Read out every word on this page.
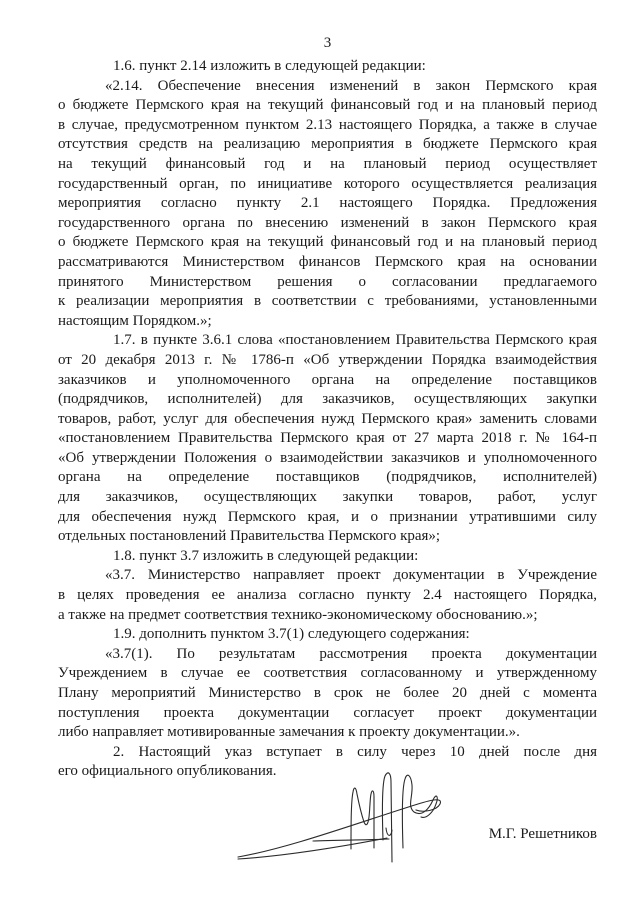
3
1.6. пункт 2.14 изложить в следующей редакции:
«2.14. Обеспечение внесения изменений в закон Пермского края
о бюджете Пермского края на текущий финансовый год и на плановый период
в случае, предусмотренном пунктом 2.13 настоящего Порядка, а также в случае
отсутствия средств на реализацию мероприятия в бюджете Пермского края
на текущий финансовый год и на плановый период осуществляет
государственный орган, по инициативе которого осуществляется реализация
мероприятия согласно пункту 2.1 настоящего Порядка. Предложения
государственного органа по внесению изменений в закон Пермского края
о бюджете Пермского края на текущий финансовый год и на плановый период
рассматриваются Министерством финансов Пермского края на основании
принятого Министерством решения о согласовании предлагаемого
к реализации мероприятия в соответствии с требованиями, установленными
настоящим Порядком.»;
1.7. в пункте 3.6.1 слова «постановлением Правительства Пермского края
от 20 декабря 2013 г. № 1786-п «Об утверждении Порядка взаимодействия
заказчиков и уполномоченного органа на определение поставщиков
(подрядчиков, исполнителей) для заказчиков, осуществляющих закупки
товаров, работ, услуг для обеспечения нужд Пермского края» заменить словами
«постановлением Правительства Пермского края от 27 марта 2018 г. № 164-п
«Об утверждении Положения о взаимодействии заказчиков и уполномоченного
органа на определение поставщиков (подрядчиков, исполнителей)
для заказчиков, осуществляющих закупки товаров, работ, услуг
для обеспечения нужд Пермского края, и о признании утратившими силу
отдельных постановлений Правительства Пермского края»;
1.8. пункт 3.7 изложить в следующей редакции:
«3.7. Министерство направляет проект документации в Учреждение
в целях проведения ее анализа согласно пункту 2.4 настоящего Порядка,
а также на предмет соответствия технико-экономическому обоснованию.»;
1.9. дополнить пунктом 3.7(1) следующего содержания:
«3.7(1). По результатам рассмотрения проекта документации
Учреждением в случае ее соответствия согласованному и утвержденному
Плану мероприятий Министерство в срок не более 20 дней с момента
поступления проекта документации согласует проект документации
либо направляет мотивированные замечания к проекту документации.».
2. Настоящий указ вступает в силу через 10 дней после дня
его официального опубликования.
М.Г. Решетников
